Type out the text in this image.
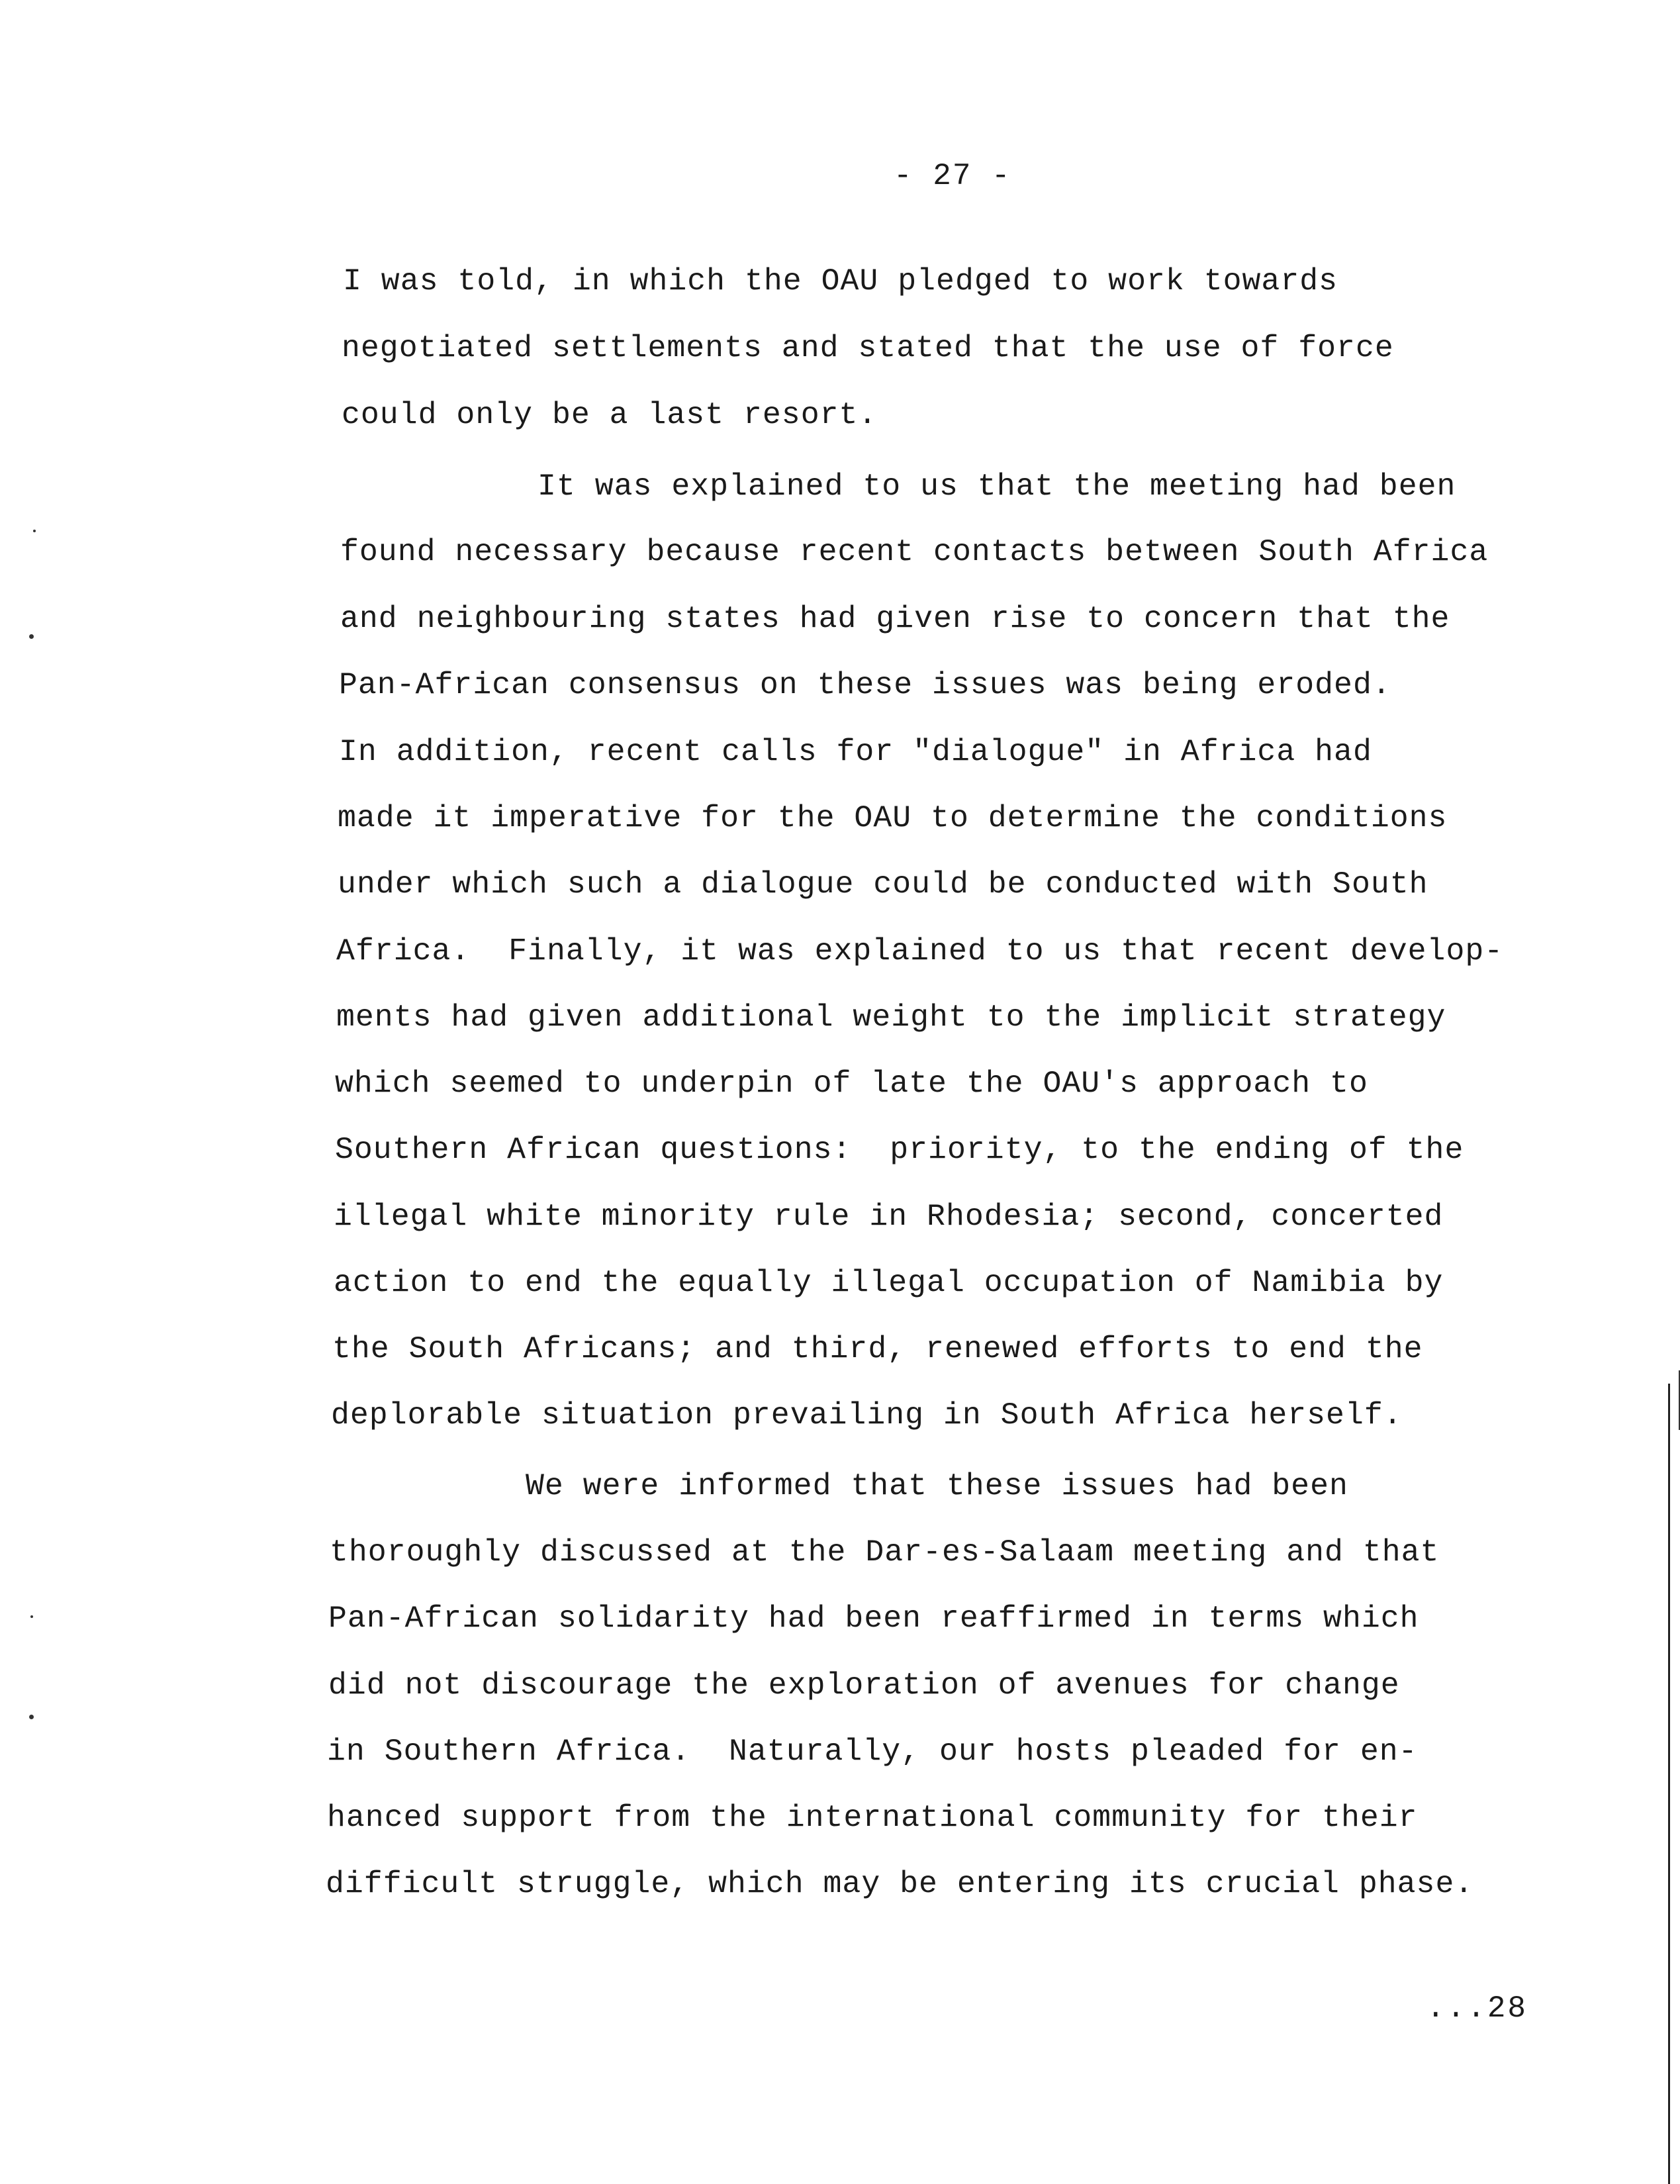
- 27 -
I was told, in which the OAU pledged to work towards
negotiated settlements and stated that the use of force
could only be a last resort.
It was explained to us that the meeting had been
found necessary because recent contacts between South Africa
and neighbouring states had given rise to concern that the
Pan-African consensus on these issues was being eroded.
In addition, recent calls for "dialogue" in Africa had
made it imperative for the OAU to determine the conditions
under which such a dialogue could be conducted with South
Africa.  Finally, it was explained to us that recent develop-
ments had given additional weight to the implicit strategy
which seemed to underpin of late the OAU's approach to
Southern African questions:  priority, to the ending of the
illegal white minority rule in Rhodesia; second, concerted
action to end the equally illegal occupation of Namibia by
the South Africans; and third, renewed efforts to end the
deplorable situation prevailing in South Africa herself.
We were informed that these issues had been
thoroughly discussed at the Dar-es-Salaam meeting and that
Pan-African solidarity had been reaffirmed in terms which
did not discourage the exploration of avenues for change
in Southern Africa.  Naturally, our hosts pleaded for en-
hanced support from the international community for their
difficult struggle, which may be entering its crucial phase.
...28
